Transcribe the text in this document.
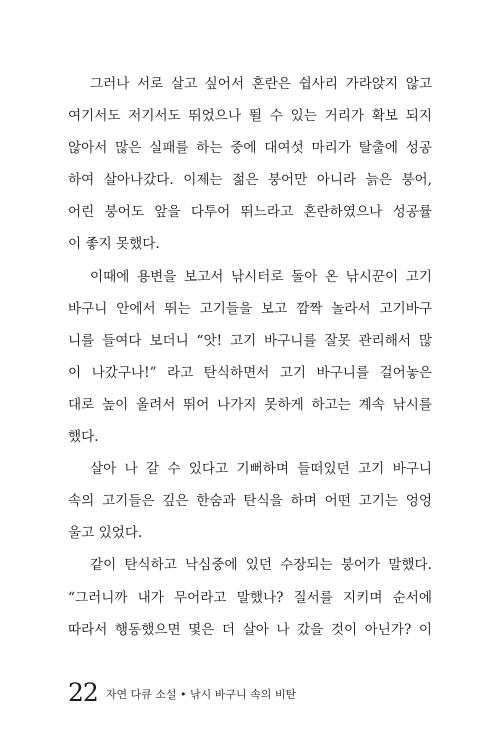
그러나 서로 살고 싶어서 혼란은 쉽사리 가라앉지 않고
여기서도 저기서도 뛰었으나 뛸 수 있는 거리가 확보 되지
않아서 많은 실패를 하는 중에 대여섯 마리가 탈출에 성공
하여 살아나갔다. 이제는 젊은 붕어만 아니라 늙은 붕어,
어린 붕어도 앞을 다투어 뛰느라고 혼란하였으나 성공률
이 좋지 못했다.

이때에 용변을 보고서 낚시터로 돌아 온 낚시꾼이 고기
바구니 안에서 뛰는 고기들을 보고 깜짝 놀라서 고기바구
니를 들여다 보더니 “앗! 고기 바구니를 잘못 관리해서 많
이 나갔구나!” 라고 탄식하면서 고기 바구니를 걸어놓은
대로 높이 올려서 뛰어 나가지 못하게 하고는 계속 낚시를
했다.

살아 나 갈 수 있다고 기뻐하며 들떠있던 고기 바구니
속의 고기들은 깊은 한숨과 탄식을 하며 어떤 고기는 엉엉
울고 있었다.

같이 탄식하고 낙심중에 있던 수장되는 붕어가 말했다.
“그러니까 내가 무어라고 말했나? 질서를 지키며 순서에
따라서 행동했으면 몇은 더 살아 나 갔을 것이 아닌가? 이

22 자연 다큐 소설 • 낚시 바구니 속의 비탄
